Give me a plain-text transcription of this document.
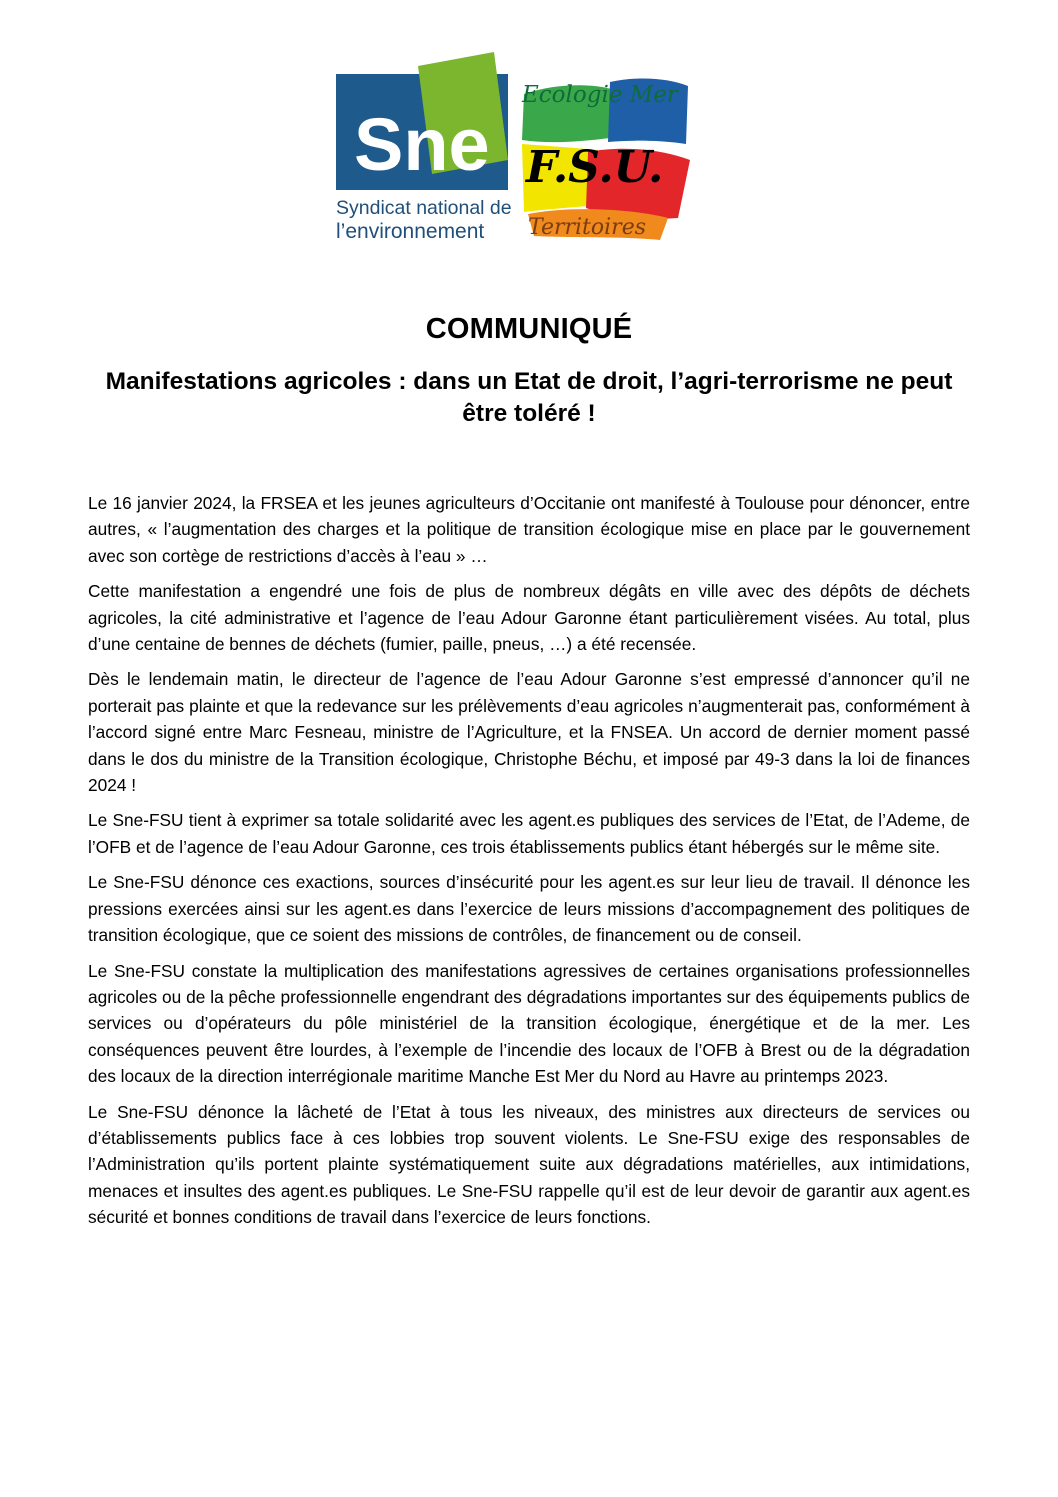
Sne
Syndicat national de
l’environnement
Ecologie Mer
F.S.U.
Territoires
COMMUNIQUÉ
Manifestations agricoles : dans un Etat de droit, l’agri-terrorisme ne peut être toléré !

Le 16 janvier 2024, la FRSEA et les jeunes agriculteurs d’Occitanie ont manifesté à Toulouse pour dénoncer, entre autres, « l’augmentation des charges et la politique de transition écologique mise en place par le gouvernement avec son cortège de restrictions d’accès à l’eau » …

Cette manifestation a engendré une fois de plus de nombreux dégâts en ville avec des dépôts de déchets agricoles, la cité administrative et l’agence de l’eau Adour Garonne étant particulièrement visées. Au total, plus d’une centaine de bennes de déchets (fumier, paille, pneus, …) a été recensée.

Dès le lendemain matin, le directeur de l’agence de l’eau Adour Garonne s’est empressé d’annoncer qu’il ne porterait pas plainte et que la redevance sur les prélèvements d’eau agricoles n’augmenterait pas, conformément à l’accord signé entre Marc Fesneau, ministre de l’Agriculture, et la FNSEA. Un accord de dernier moment passé dans le dos du ministre de la Transition écologique, Christophe Béchu, et imposé par 49-3 dans la loi de finances 2024 !

Le Sne-FSU tient à exprimer sa totale solidarité avec les agent.es publiques des services de l’Etat, de l’Ademe, de l’OFB et de l’agence de l’eau Adour Garonne, ces trois établissements publics étant hébergés sur le même site.

Le Sne-FSU dénonce ces exactions, sources d’insécurité pour les agent.es sur leur lieu de travail. Il dénonce les pressions exercées ainsi sur les agent.es dans l’exercice de leurs missions d’accompagnement des politiques de transition écologique, que ce soient des missions de contrôles, de financement ou de conseil.

Le Sne-FSU constate la multiplication des manifestations agressives de certaines organisations professionnelles agricoles ou de la pêche professionnelle engendrant des dégradations importantes sur des équipements publics de services ou d’opérateurs du pôle ministériel de la transition écologique, énergétique et de la mer. Les conséquences peuvent être lourdes, à l’exemple de l’incendie des locaux de l’OFB à Brest ou de la dégradation des locaux de la direction interrégionale maritime Manche Est Mer du Nord au Havre au printemps 2023.

Le Sne-FSU dénonce la lâcheté de l’Etat à tous les niveaux, des ministres aux directeurs de services ou d’établissements publics face à ces lobbies trop souvent violents. Le Sne-FSU exige des responsables de l’Administration qu’ils portent plainte systématiquement suite aux dégradations matérielles, aux intimidations, menaces et insultes des agent.es publiques. Le Sne-FSU rappelle qu’il est de leur devoir de garantir aux agent.es sécurité et bonnes conditions de travail dans l’exercice de leurs fonctions.
